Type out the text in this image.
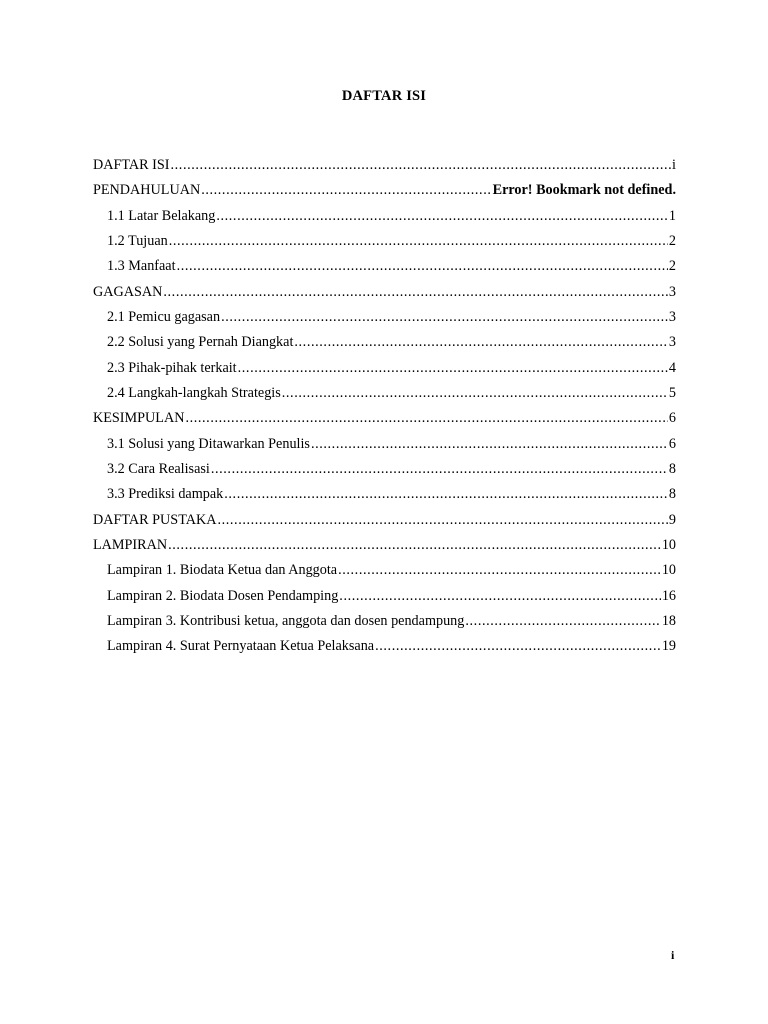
DAFTAR ISI
DAFTAR ISI .....	i
PENDAHULUAN .....	Error! Bookmark not defined.
1.1 Latar Belakang .....	1
1.2 Tujuan .....	2
1.3 Manfaat .....	2
GAGASAN .....	3
2.1 Pemicu gagasan .....	3
2.2 Solusi yang Pernah Diangkat .....	3
2.3 Pihak-pihak terkait .....	4
2.4 Langkah-langkah Strategis .....	5
KESIMPULAN .....	6
3.1 Solusi yang Ditawarkan Penulis .....	6
3.2 Cara Realisasi .....	8
3.3 Prediksi dampak .....	8
DAFTAR PUSTAKA .....	9
LAMPIRAN .....	10
Lampiran 1. Biodata Ketua dan Anggota .....	10
Lampiran 2. Biodata Dosen Pendamping .....	16
Lampiran 3. Kontribusi ketua, anggota dan dosen pendampung .....	18
Lampiran 4. Surat Pernyataan Ketua Pelaksana .....	19
i
